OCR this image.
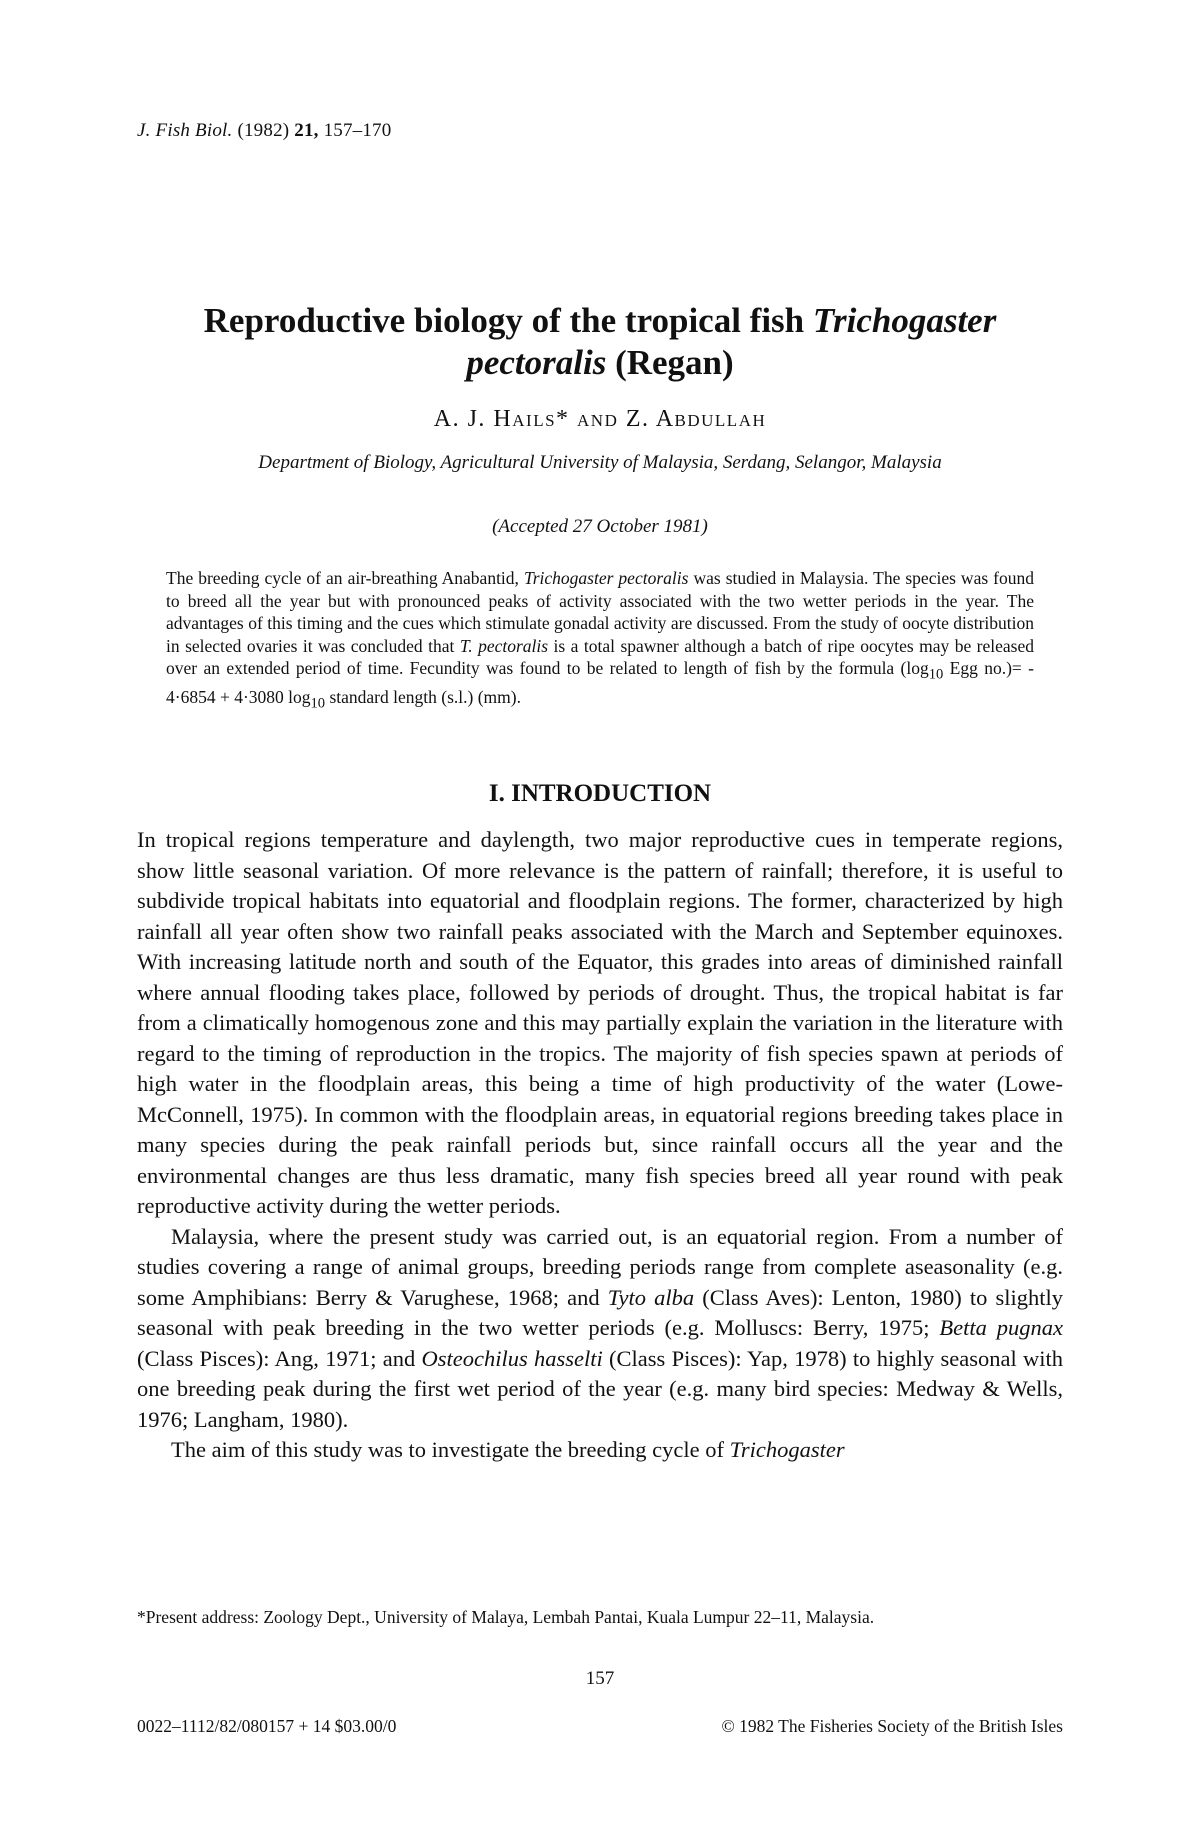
J. Fish Biol. (1982) 21, 157–170
Reproductive biology of the tropical fish Trichogaster pectoralis (Regan)
A. J. Hails* and Z. Abdullah
Department of Biology, Agricultural University of Malaysia, Serdang, Selangor, Malaysia
(Accepted 27 October 1981)
The breeding cycle of an air-breathing Anabantid, Trichogaster pectoralis was studied in Malaysia. The species was found to breed all the year but with pronounced peaks of activity associated with the two wetter periods in the year. The advantages of this timing and the cues which stimulate gonadal activity are discussed. From the study of oocyte distribution in selected ovaries it was concluded that T. pectoralis is a total spawner although a batch of ripe oocytes may be released over an extended period of time. Fecundity was found to be related to length of fish by the formula ($\log_{10}$ Egg no.)= - 4·6854 + 4·3080 $\log_{10}$ standard length (s.l.) (mm).
I. INTRODUCTION

In tropical regions temperature and daylength, two major reproductive cues in temperate regions, show little seasonal variation. Of more relevance is the pattern of rainfall; therefore, it is useful to subdivide tropical habitats into equatorial and floodplain regions. The former, characterized by high rainfall all year often show two rainfall peaks associated with the March and September equinoxes. With increasing latitude north and south of the Equator, this grades into areas of diminished rainfall where annual flooding takes place, followed by periods of drought. Thus, the tropical habitat is far from a climatically homogenous zone and this may partially explain the variation in the literature with regard to the timing of reproduction in the tropics. The majority of fish species spawn at periods of high water in the floodplain areas, this being a time of high productivity of the water (Lowe-McConnell, 1975). In common with the floodplain areas, in equatorial regions breeding takes place in many species during the peak rainfall periods but, since rainfall occurs all the year and the environmental changes are thus less dramatic, many fish species breed all year round with peak reproductive activity during the wetter periods.

Malaysia, where the present study was carried out, is an equatorial region. From a number of studies covering a range of animal groups, breeding periods range from complete aseasonality (e.g. some Amphibians: Berry & Varughese, 1968; and Tyto alba (Class Aves): Lenton, 1980) to slightly seasonal with peak breeding in the two wetter periods (e.g. Molluscs: Berry, 1975; Betta pugnax (Class Pisces): Ang, 1971; and Osteochilus hasselti (Class Pisces): Yap, 1978) to highly seasonal with one breeding peak during the first wet period of the year (e.g. many bird species: Medway & Wells, 1976; Langham, 1980).

The aim of this study was to investigate the breeding cycle of Trichogaster

*Present address: Zoology Dept., University of Malaya, Lembah Pantai, Kuala Lumpur 22–11, Malaysia.
157
0022–1112/82/080157 + 14 $03.00/0	© 1982 The Fisheries Society of the British Isles
